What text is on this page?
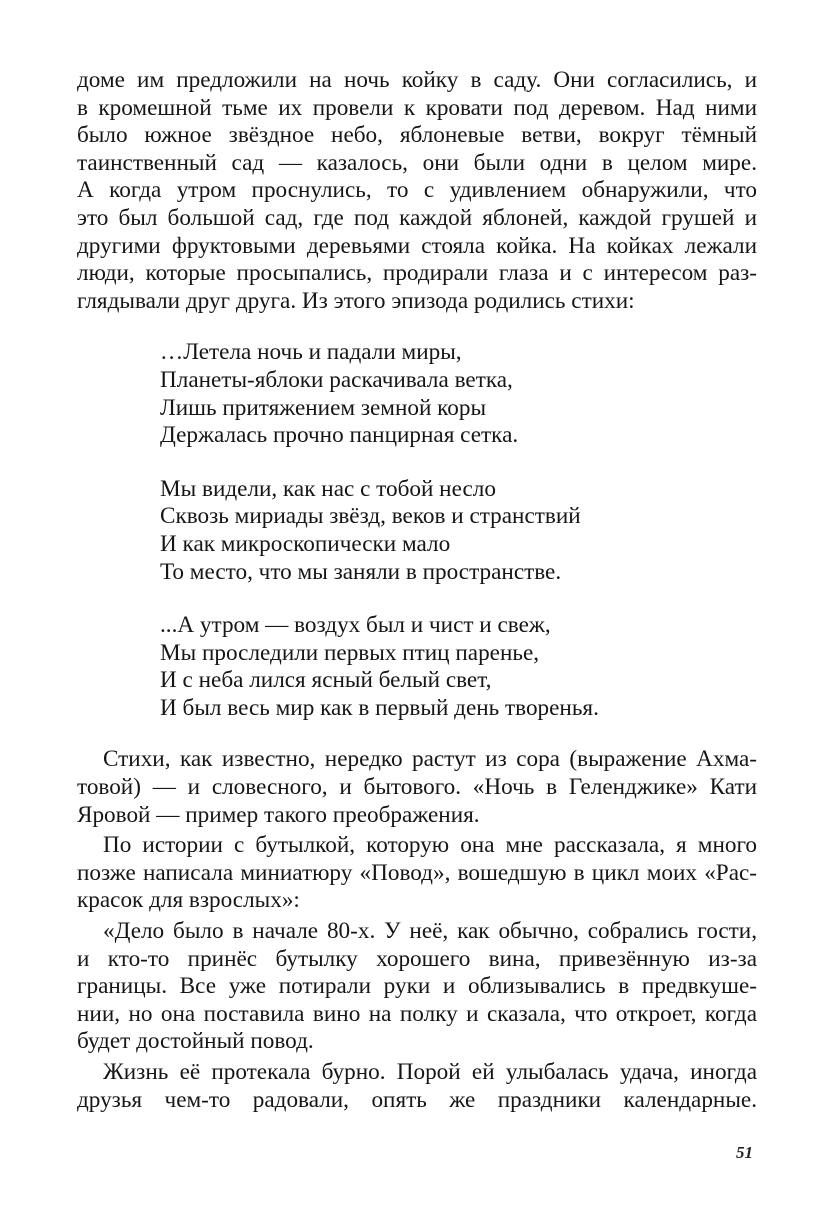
доме им предложили на ночь койку в саду. Они согласились, и
в кромешной тьме их провели к кровати под деревом. Над ними
было южное звёздное небо, яблоневые ветви, вокруг тёмный
таинственный сад — казалось, они были одни в целом мире.
А когда утром проснулись, то с удивлением обнаружили, что
это был большой сад, где под каждой яблоней, каждой грушей и
другими фруктовыми деревьями стояла койка. На койках лежали
люди, которые просыпались, продирали глаза и с интересом раз-
глядывали друг друга. Из этого эпизода родились стихи:
…Летела ночь и падали миры,
Планеты-яблоки раскачивала ветка,
Лишь притяжением земной коры
Держалась прочно панцирная сетка.
Мы видели, как нас с тобой несло
Сквозь мириады звёзд, веков и странствий
И как микроскопически мало
То место, что мы заняли в пространстве.
...А утром — воздух был и чист и свеж,
Мы проследили первых птиц паренье,
И с неба лился ясный белый свет,
И был весь мир как в первый день творенья.
Стихи, как известно, нередко растут из сора (выражение Ахма-
товой) — и словесного, и бытового. «Ночь в Геленджике» Кати
Яровой — пример такого преображения.
По истории с бутылкой, которую она мне рассказала, я много
позже написала миниатюру «Повод», вошедшую в цикл моих «Рас-
красок для взрослых»:
«Дело было в начале 80-х. У неё, как обычно, собрались гости,
и кто-то принёс бутылку хорошего вина, привезённую из-за
границы. Все уже потирали руки и облизывались в предвкуше-
нии, но она поставила вино на полку и сказала, что откроет, когда
будет достойный повод.
Жизнь её протекала бурно. Порой ей улыбалась удача, иногда
друзья чем-то радовали, опять же праздники календарные.
51
